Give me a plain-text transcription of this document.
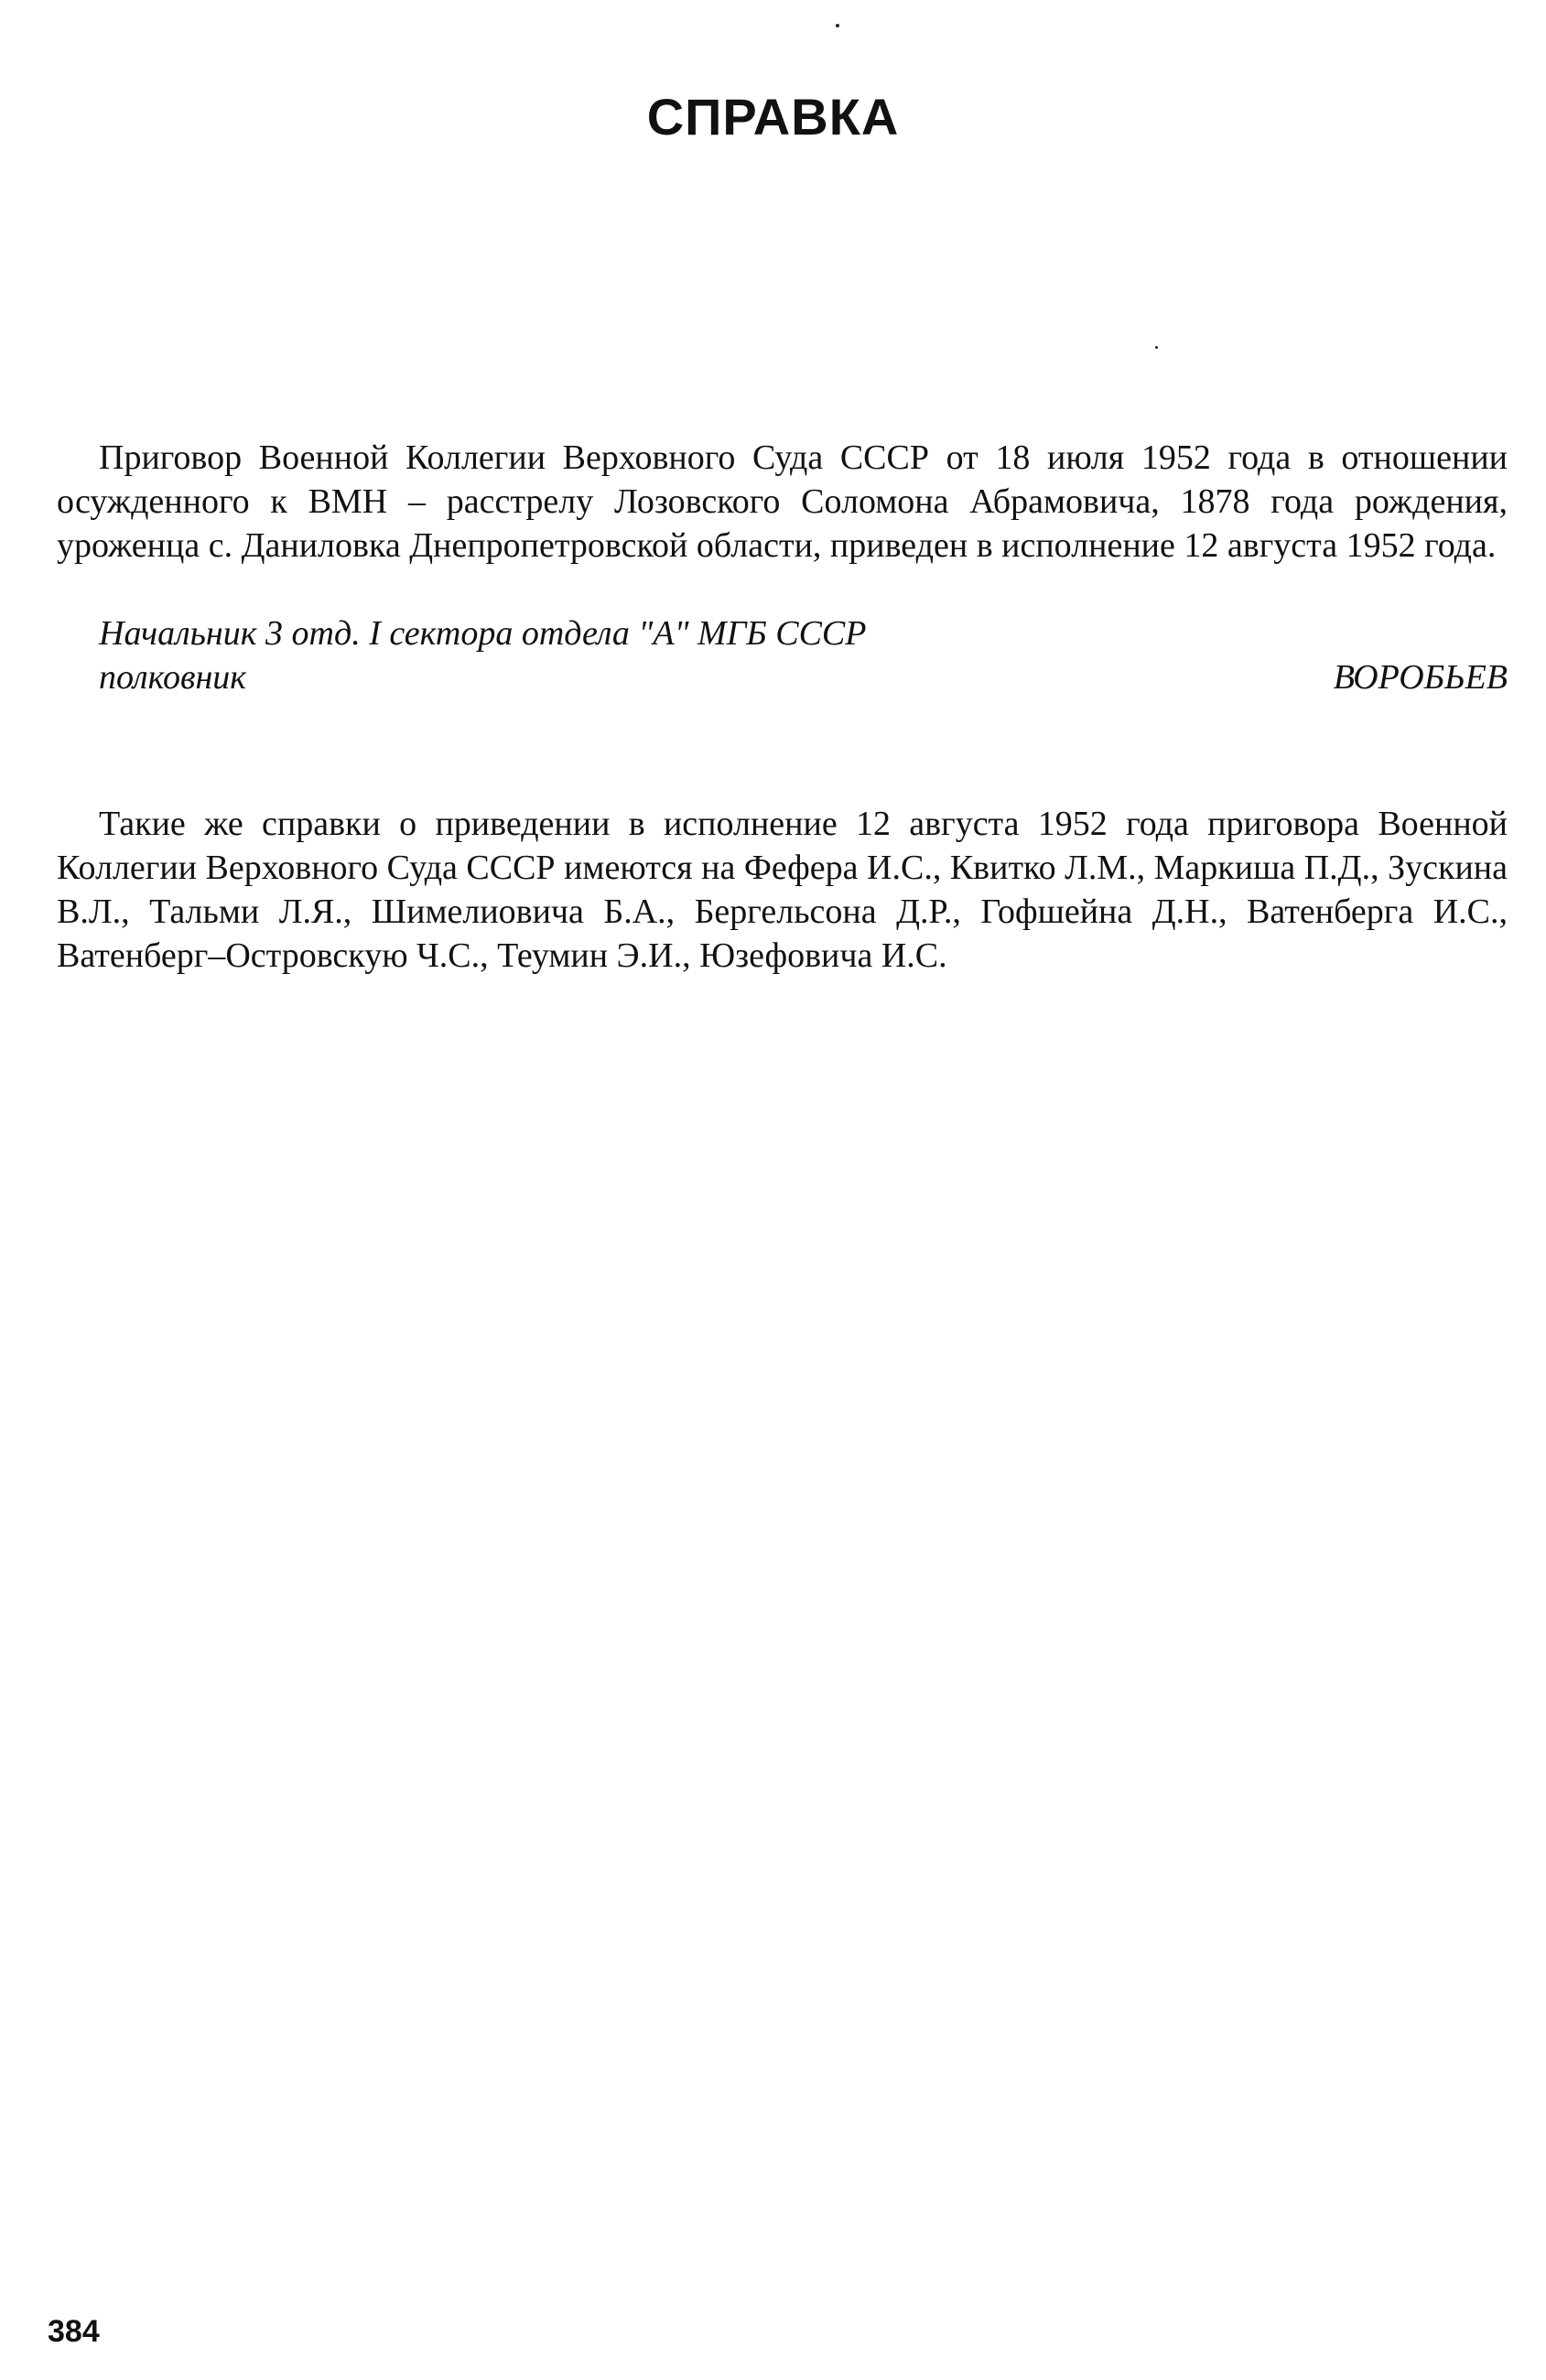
СПРАВКА

Приговор Военной Коллегии Верховного Суда СССР от 18 июля 1952 года в отношении осужденного к ВМН – расстрелу Лозовского Соломона Абрамовича, 1878 года рождения, уроженца с. Даниловка Днепропетровской области, приведен в исполнение 12 августа 1952 года.

Начальник 3 отд. I сектора отдела "А" МГБ СССР
полковник	ВОРОБЬЕВ

Такие же справки о приведении в исполнение 12 августа 1952 года приговора Военной Коллегии Верховного Суда СССР имеются на Фефера И.С., Квитко Л.М., Маркиша П.Д., Зускина В.Л., Тальми Л.Я., Шимелиовича Б.А., Бергельсона Д.Р., Гофшейна Д.Н., Ватенберга И.С., Ватенберг–Островскую Ч.С., Теумин Э.И., Юзефовича И.С.

384
